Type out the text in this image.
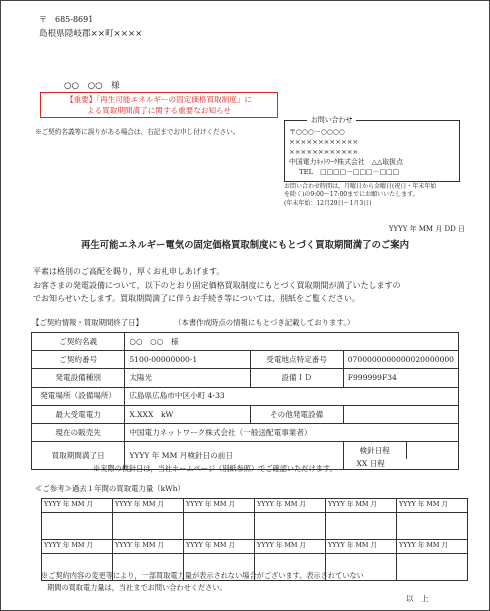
〒　685-8691
島根県隠岐郡××町××××
○○　○○　様
【重要】「再生可能エネルギーの固定価格買取制度」に
よる買取期間満了に関する重要なお知らせ
※ご契約名義等に誤りがある場合は、右記までお申し付けください。
お問い合わせ
〒○○○－○○○○
××××××××××××
××××××××××××
中国電力ﾈｯﾄﾜｰｸ株式会社　△△取扱点
TEL　□□□□－□□□－□□□
お問い合わせ時間は，月曜日から金曜日(祝日・年末年始
を除く)の9:00～17:00までにお願いいたします。
(年末年始：12月29日～1月3日)
YYYY 年 MM 月 DD 日
再生可能エネルギー電気の固定価格買取制度にもとづく買取期間満了のご案内

平素は格別のご高配を賜り，厚くお礼申しあげます。

お客さまの発電設備について，以下のとおり固定価格買取制度にもとづく買取期間が満了いたしますの

でお知らせいたします。買取期間満了に伴うお手続き等については，別紙をご覧ください。

【ご契約情報・買取期間終了日】	（本書作成時点の情報にもとづき記載しております。）
ご契約名義	○○　○○　様		
ご契約番号	5100-00000000-1	受電地点特定番号	0700000000000020000000
発電設備種別	太陽光	設備ＩＤ	F999999F34
発電場所（設備場所）	広島県広島市中区小町 4-33		
最大受電電力	X.XXX　kW	その他発電設備	
現在の販売先	中国電力ネットワーク株式会社（一般送配電事業者）		
買取期間満了日	YYYY 年 MM 月検針日の前日		検針日程 XX 日程
※実際の検針日は，当社ホームページ（別紙参照）でご確認いただけます。
≪ご参考≫過去１年間の買取電力量（kWh）
YYYY 年 MM 月	YYYY 年 MM 月	YYYY 年 MM 月	YYYY 年 MM 月	YYYY 年 MM 月	YYYY 年 MM 月

YYYY 年 MM 月	YYYY 年 MM 月	YYYY 年 MM 月	YYYY 年 MM 月	YYYY 年 MM 月	YYYY 年 MM 月

※ご契約内容の変更等により，一部買取電力量が表示されない場合がございます。表示されていない
期間の買取電力量は，当社までお問い合わせください。
以　上
